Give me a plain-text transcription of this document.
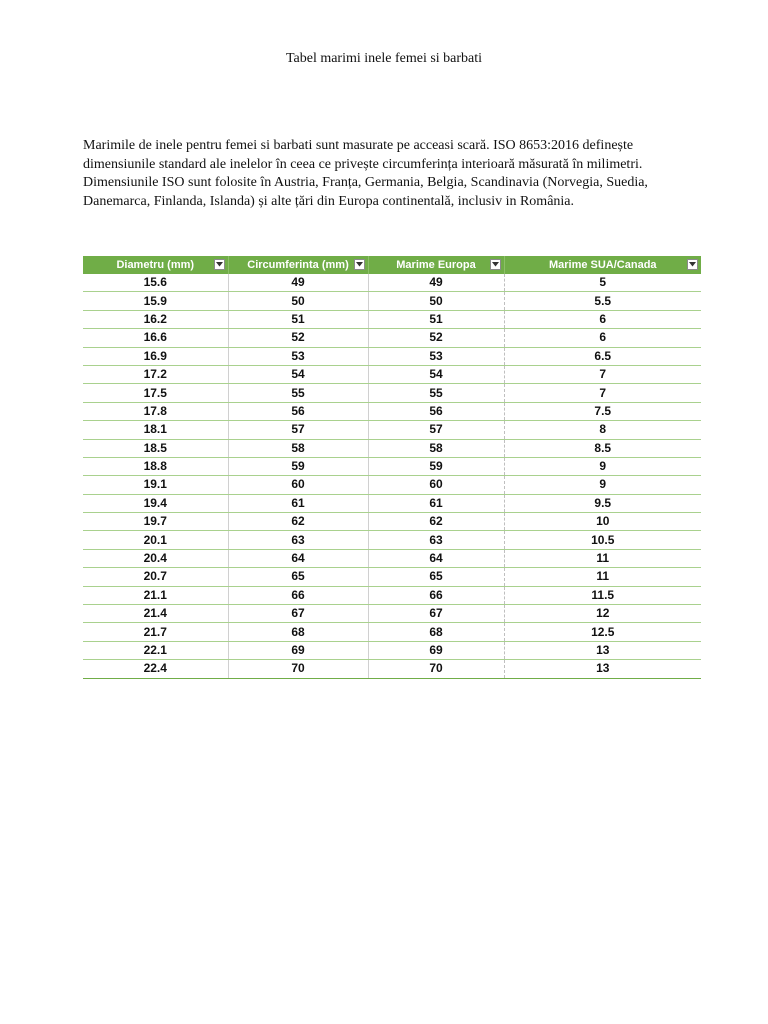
Tabel marimi inele femei si barbati

Marimile de inele pentru femei si barbati sunt masurate pe acceasi scară. ISO 8653:2016 definește dimensiunile standard ale inelelor în ceea ce privește circumferința interioară măsurată în milimetri. Dimensiunile ISO sunt folosite în Austria, Franța, Germania, Belgia, Scandinavia (Norvegia, Suedia, Danemarca, Finlanda, Islanda) și alte țări din Europa continentală, inclusiv in România.

Diametru (mm)	Circumferinta (mm)	Marime Europa	Marime SUA/Canada

15.6	49	49	5
15.9	50	50	5.5
16.2	51	51	6
16.6	52	52	6
16.9	53	53	6.5
17.2	54	54	7
17.5	55	55	7
17.8	56	56	7.5
18.1	57	57	8
18.5	58	58	8.5
18.8	59	59	9
19.1	60	60	9
19.4	61	61	9.5
19.7	62	62	10
20.1	63	63	10.5
20.4	64	64	11
20.7	65	65	11
21.1	66	66	11.5
21.4	67	67	12
21.7	68	68	12.5
22.1	69	69	13
22.4	70	70	13
